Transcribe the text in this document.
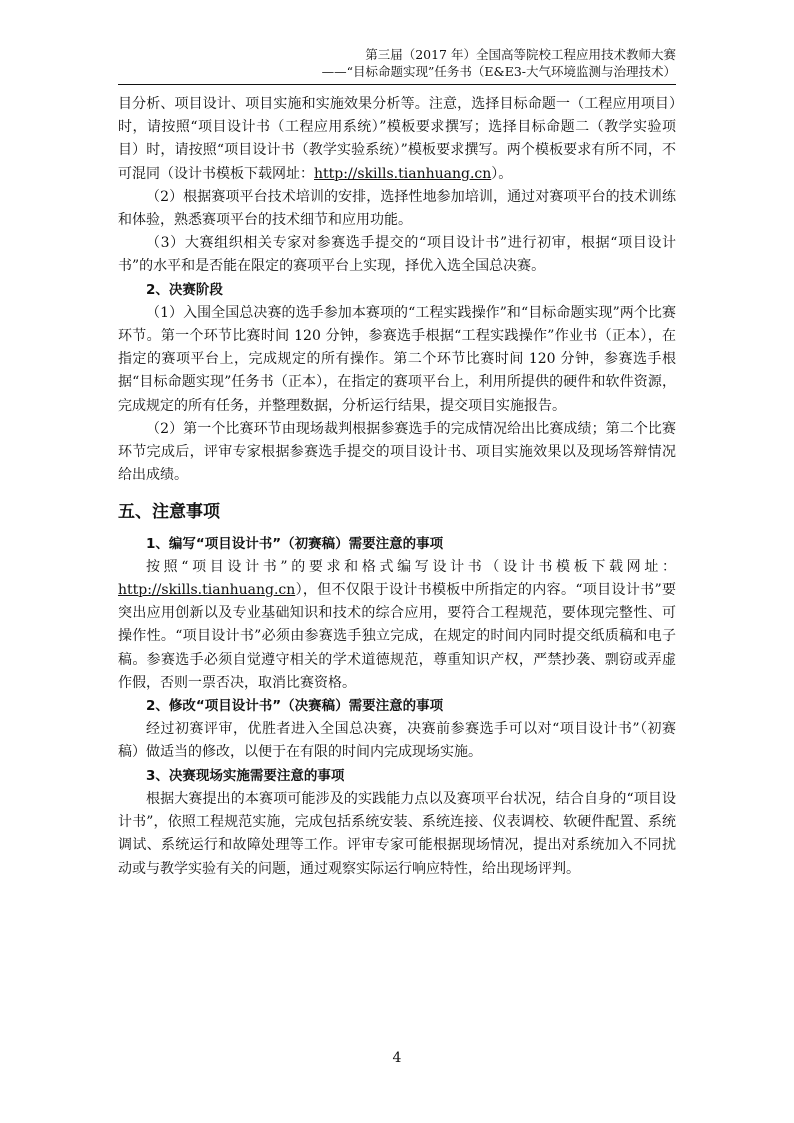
第三届（2017 年）全国高等院校工程应用技术教师大赛
——“目标命题实现”任务书（E&E3-大气环境监测与治理技术）

目分析、项目设计、项目实施和实施效果分析等。注意，选择目标命题一（工程应用项目）时，请按照“项目设计书（工程应用系统）”模板要求撰写；选择目标命题二（教学实验项目）时，请按照“项目设计书（教学实验系统）”模板要求撰写。两个模板要求有所不同，不可混同（设计书模板下载网址：http://skills.tianhuang.cn）。

（2）根据赛项平台技术培训的安排，选择性地参加培训，通过对赛项平台的技术训练和体验，熟悉赛项平台的技术细节和应用功能。

（3）大赛组织相关专家对参赛选手提交的“项目设计书”进行初审，根据“项目设计书”的水平和是否能在限定的赛项平台上实现，择优入选全国总决赛。

2、决赛阶段

（1）入围全国总决赛的选手参加本赛项的“工程实践操作”和“目标命题实现”两个比赛环节。第一个环节比赛时间 120 分钟，参赛选手根据“工程实践操作”作业书（正本），在指定的赛项平台上，完成规定的所有操作。第二个环节比赛时间 120 分钟，参赛选手根据“目标命题实现”任务书（正本），在指定的赛项平台上，利用所提供的硬件和软件资源，完成规定的所有任务，并整理数据，分析运行结果，提交项目实施报告。

（2）第一个比赛环节由现场裁判根据参赛选手的完成情况给出比赛成绩；第二个比赛环节完成后，评审专家根据参赛选手提交的项目设计书、项目实施效果以及现场答辩情况给出成绩。

五、注意事项

1、编写“项目设计书”（初赛稿）需要注意的事项

按照“项目设计书”的要求和格式编写设计书（设计书模板下载网址：http://skills.tianhuang.cn），但不仅限于设计书模板中所指定的内容。“项目设计书”要突出应用创新以及专业基础知识和技术的综合应用，要符合工程规范，要体现完整性、可操作性。“项目设计书”必须由参赛选手独立完成，在规定的时间内同时提交纸质稿和电子稿。参赛选手必须自觉遵守相关的学术道德规范，尊重知识产权，严禁抄袭、剽窃或弄虚作假，否则一票否决，取消比赛资格。

2、修改“项目设计书”（决赛稿）需要注意的事项

经过初赛评审，优胜者进入全国总决赛，决赛前参赛选手可以对“项目设计书”（初赛稿）做适当的修改，以便于在有限的时间内完成现场实施。

3、决赛现场实施需要注意的事项

根据大赛提出的本赛项可能涉及的实践能力点以及赛项平台状况，结合自身的“项目设计书”，依照工程规范实施，完成包括系统安装、系统连接、仪表调校、软硬件配置、系统调试、系统运行和故障处理等工作。评审专家可能根据现场情况，提出对系统加入不同扰动或与教学实验有关的问题，通过观察实际运行响应特性，给出现场评判。

4
